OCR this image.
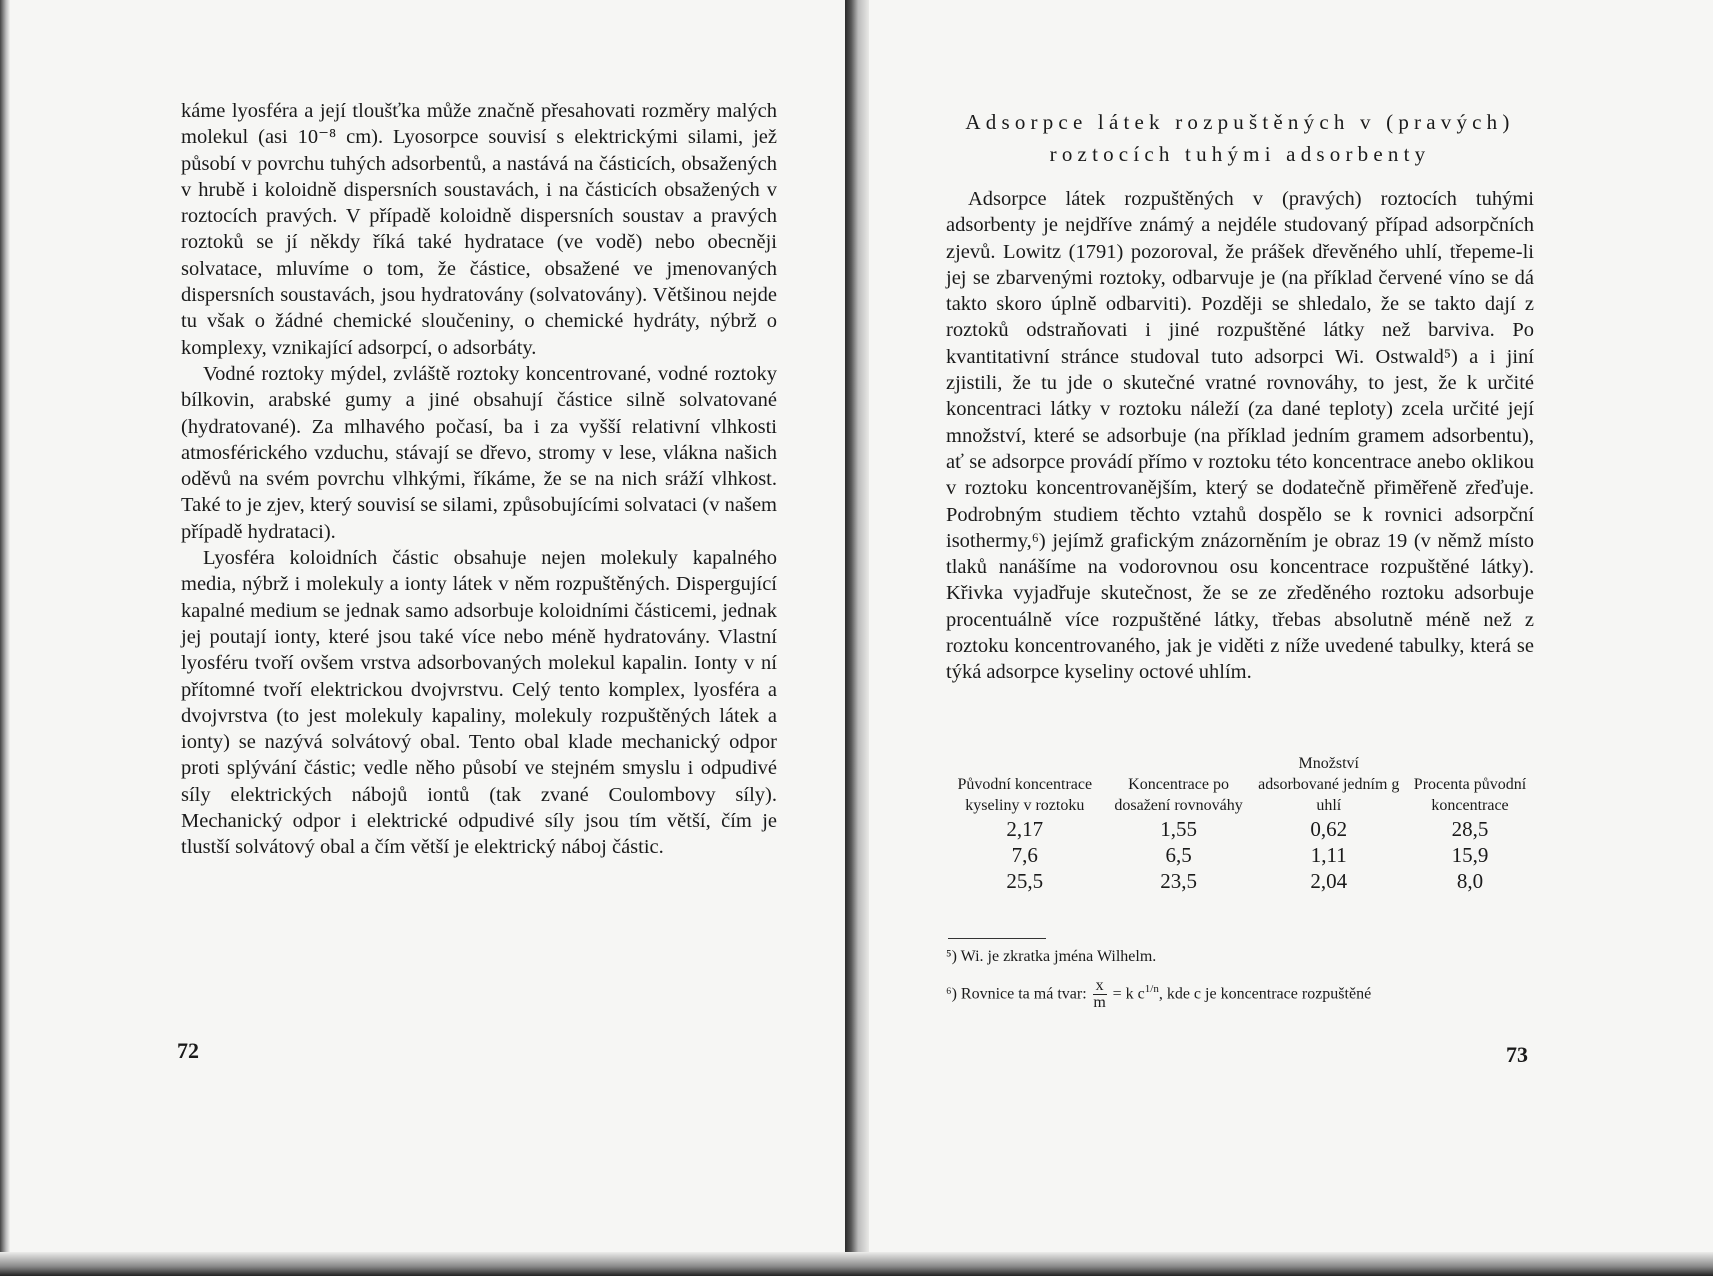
káme lyosféra a její tloušťka může značně přesahovati rozměry malých molekul (asi 10⁻⁸ cm). Lyosorpce souvisí s elektrickými silami, jež působí v povrchu tuhých adsorbentů, a nastává na částicích, obsažených v hrubě i koloidně dispersních soustavách, i na částicích obsažených v roztocích pravých. V případě koloidně dispersních soustav a pravých roztoků se jí někdy říká také hydratace (ve vodě) nebo obecněji solvatace, mluvíme o tom, že částice, obsažené ve jmenovaných dispersních soustavách, jsou hydratovány (solvatovány). Většinou nejde tu však o žádné chemické sloučeniny, o chemické hydráty, nýbrž o komplexy, vznikající adsorpcí, o adsorbáty.

Vodné roztoky mýdel, zvláště roztoky koncentrované, vodné roztoky bílkovin, arabské gumy a jiné obsahují částice silně solvatované (hydratované). Za mlhavého počasí, ba i za vyšší relativní vlhkosti atmosférického vzduchu, stávají se dřevo, stromy v lese, vlákna našich oděvů na svém povrchu vlhkými, říkáme, že se na nich sráží vlhkost. Také to je zjev, který souvisí se silami, způsobujícími solvataci (v našem případě hydrataci).

Lyosféra koloidních částic obsahuje nejen molekuly kapalného media, nýbrž i molekuly a ionty látek v něm rozpuštěných. Dispergující kapalné medium se jednak samo adsorbuje koloidními částicemi, jednak jej poutají ionty, které jsou také více nebo méně hydratovány. Vlastní lyosféru tvoří ovšem vrstva adsorbovaných molekul kapalin. Ionty v ní přítomné tvoří elektrickou dvojvrstvu. Celý tento komplex, lyosféra a dvojvrstva (to jest molekuly kapaliny, molekuly rozpuštěných látek a ionty) se nazývá solvátový obal. Tento obal klade mechanický odpor proti splývání částic; vedle něho působí ve stejném smyslu i odpudivé síly elektrických nábojů iontů (tak zvané Coulombovy síly). Mechanický odpor i elektrické odpudivé síly jsou tím větší, čím je tlustší solvátový obal a čím větší je elektrický náboj částic.

72
Adsorpce látek rozpuštěných v (pravých)
roztocích tuhými adsorbenty

Adsorpce látek rozpuštěných v (pravých) roztocích tuhými adsorbenty je nejdříve známý a nejdéle studovaný případ adsorpčních zjevů. Lowitz (1791) pozoroval, že prášek dřevěného uhlí, třepeme-li jej se zbarvenými roztoky, odbarvuje je (na příklad červené víno se dá takto skoro úplně odbarviti). Později se shledalo, že se takto dají z roztoků odstraňovati i jiné rozpuštěné látky než barviva. Po kvantitativní stránce studoval tuto adsorpci Wi. Ostwald⁵) a i jiní zjistili, že tu jde o skutečné vratné rovnováhy, to jest, že k určité koncentraci látky v roztoku náleží (za dané teploty) zcela určité její množství, které se adsorbuje (na příklad jedním gramem adsorbentu), ať se adsorpce provádí přímo v roztoku této koncentrace anebo oklikou v roztoku koncentrovanějším, který se dodatečně přiměřeně zřeďuje. Podrobným studiem těchto vztahů dospělo se k rovnici adsorpční isothermy,⁶) jejímž grafickým znázorněním je obraz 19 (v němž místo tlaků nanášíme na vodorovnou osu koncentrace rozpuštěné látky). Křivka vyjadřuje skutečnost, že se ze zředěného roztoku adsorbuje procentuálně více rozpuštěné látky, třebas absolutně méně než z roztoku koncentrovaného, jak je viděti z níže uvedené tabulky, která se týká adsorpce kyseliny octové uhlím.

Původní koncentrace kyseliny v roztoku	Koncentrace po dosažení rovnováhy	Množství adsorbované jedním g uhlí	Procenta původní koncentrace
2,17	1,55	0,62	28,5
7,6	6,5	1,11	15,9
25,5	23,5	2,04	8,0
⁵) Wi. je zkratka jména Wilhelm.
⁶) Rovnice ta má tvar: $\frac{x}{m} = k$ $c^{1/n}$, kde c je koncentrace rozpuštěné
73
